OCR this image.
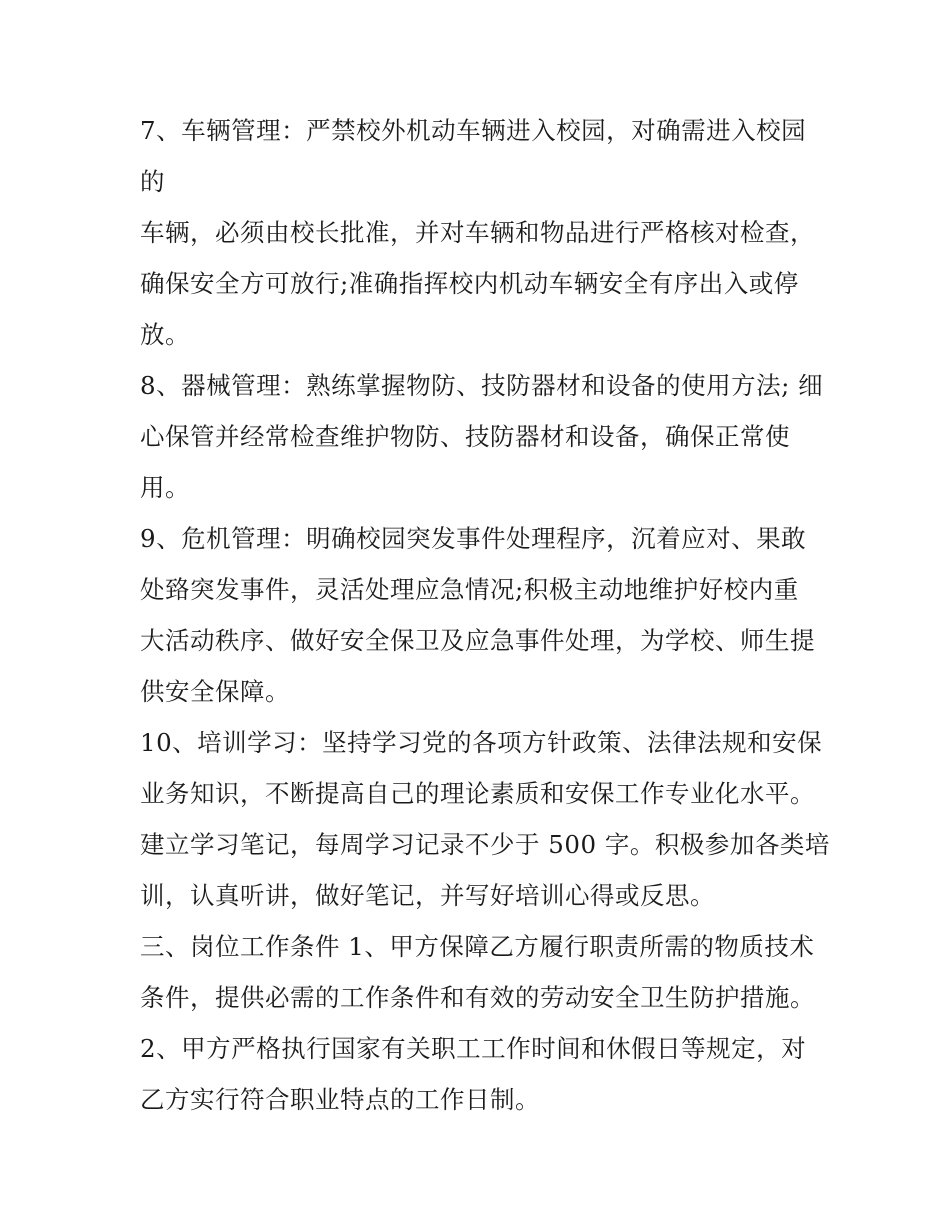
7、车辆管理：严禁校外机动车辆进入校园，对确需进入校园
的
车辆，必须由校长批准，并对车辆和物品进行严格核对检查，
确保安全方可放行;准确指挥校内机动车辆安全有序出入或停
放。
8、器械管理：熟练掌握物防、技防器材和设备的使用方法; 细
心保管并经常检查维护物防、技防器材和设备，确保正常使
用。
9、危机管理：明确校园突发事件处理程序，沉着应对、果敢
处臵突发事件，灵活处理应急情况;积极主动地维护好校内重
大活动秩序、做好安全保卫及应急事件处理，为学校、师生提
供安全保障。
10、培训学习：坚持学习党的各项方针政策、法律法规和安保
业务知识，不断提高自己的理论素质和安保工作专业化水平。
建立学习笔记，每周学习记录不少于 500 字。积极参加各类培
训，认真听讲，做好笔记，并写好培训心得或反思。
三、岗位工作条件 1、甲方保障乙方履行职责所需的物质技术
条件，提供必需的工作条件和有效的劳动安全卫生防护措施。
2、甲方严格执行国家有关职工工作时间和休假日等规定，对
乙方实行符合职业特点的工作日制。
